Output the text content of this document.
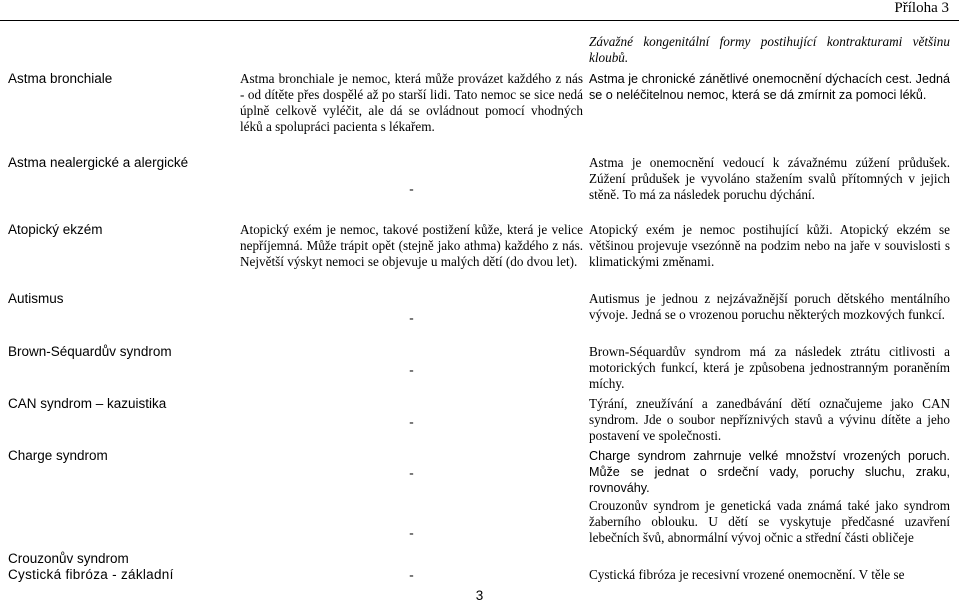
Příloha 3
		Závažné kongenitální formy postihující kontrakturami většinu kloubů.
Astma bronchiale	Astma bronchiale je nemoc, která může provázet každého z nás - od dítěte přes dospělé až po starší lidi. Tato nemoc se sice nedá úplně celkově vyléčit, ale dá se ovládnout pomocí vhodných léků a spolupráci pacienta s lékařem.	Astma je chronické zánětlivé onemocnění dýchacích cest. Jedná se o neléčitelnou nemoc, která se dá zmírnit za pomoci léků.
Astma nealergické a alergické	-	Astma je onemocnění vedoucí k závažnému zúžení průdušek. Zúžení průdušek je vyvoláno stažením svalů přítomných v jejich stěně. To má za následek poruchu dýchání.
Atopický ekzém	Atopický exém je nemoc, takové postižení kůže, která je velice nepříjemná. Může trápit opět (stejně jako athma) každého z nás. Největší výskyt nemoci se objevuje u malých dětí (do dvou let).	Atopický exém je nemoc postihující kůži. Atopický ekzém se většinou projevuje vsezónně na podzim nebo na jaře v souvislosti s klimatickými změnami.
Autismus	-	Autismus je jednou z nejzávažnější poruch dětského mentálního vývoje. Jedná se o vrozenou poruchu některých mozkových funkcí.
Brown-Séquardův syndrom	-	Brown-Séquardův syndrom má za následek ztrátu citlivosti a motorických funkcí, která je způsobena jednostranným poraněním míchy.
CAN syndrom – kazuistika	-	Týrání, zneužívání a zanedbávání dětí označujeme jako CAN syndrom. Jde o soubor nepříznivých stavů a vývinu dítěte a jeho postavení ve společnosti.
Charge syndrom	-	Charge syndrom zahrnuje velké množství vrozených poruch. Může se jednat o srdeční vady, poruchy sluchu, zraku, rovnováhy.
Crouzonův syndrom	-	Crouzonův syndrom je genetická vada známá také jako syndrom žaberního oblouku. U dětí se vyskytuje předčasné uzavření lebečních švů, abnormální vývoj očnic a střední části obličeje
Cystická fibróza - základní	-	Cystická fibróza je recesivní vrozené onemocnění. V těle se
3
